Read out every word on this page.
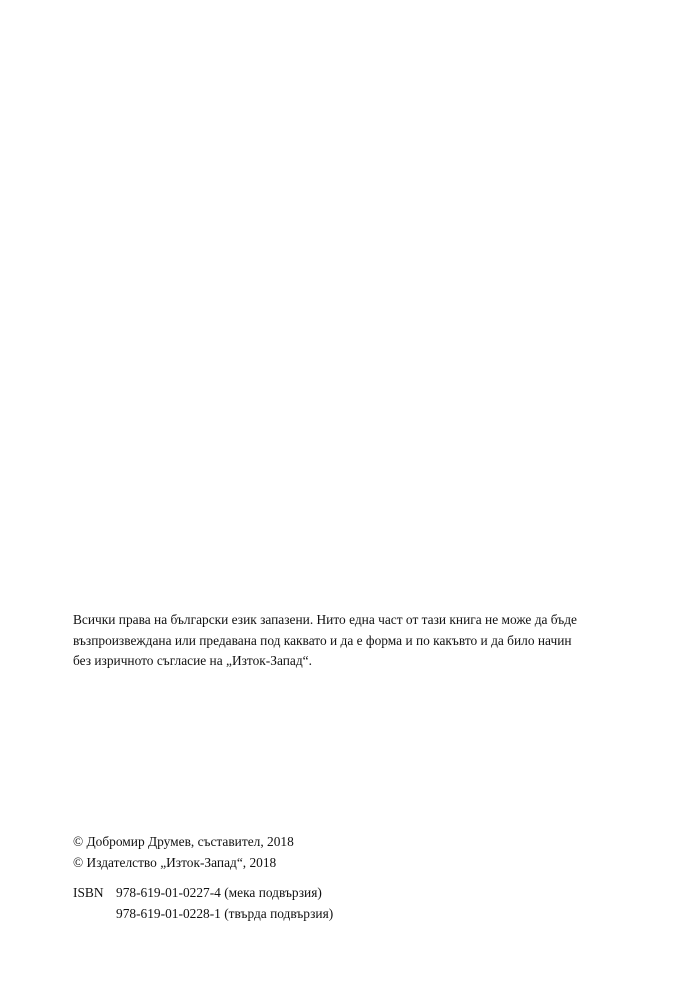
Всички права на български език запазени. Нито една част от тази книга не може да бъде
възпроизвеждана или предавана под каквато и да е форма и по какъвто и да било начин
без изричното съгласие на „Изток-Запад“.
© Добромир Друмев, съставител, 2018
© Издателство „Изток-Запад“, 2018
ISBN 978-619-01-0227-4 (мека подвързия)
978-619-01-0228-1 (твърда подвързия)
